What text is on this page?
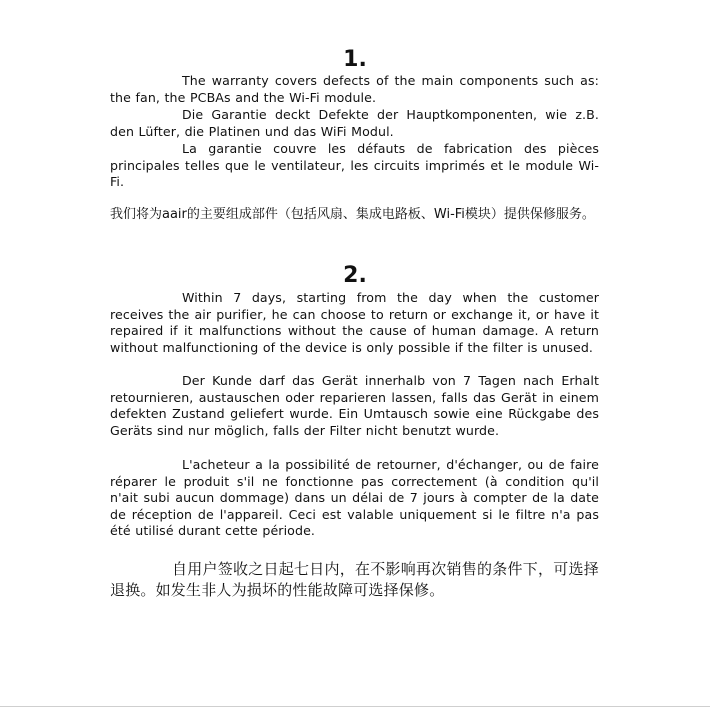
1.
The warranty covers defects of the main components such as: the fan, the PCBAs and the Wi-Fi module.
Die Garantie deckt Defekte der Hauptkomponenten, wie z.B. den Lüfter, die Platinen und das WiFi Modul.
La garantie couvre les défauts de fabrication des pièces principales telles que le ventilateur, les circuits imprimés et le module Wi-Fi.
我们将为aair的主要组成部件（包括风扇、集成电路板、Wi-Fi模块）提供保修服务。
2.
Within 7 days, starting from the day when the customer receives the air purifier, he can choose to return or exchange it, or have it repaired if it malfunctions without the cause of human damage. A return without malfunctioning of the device is only possible if the filter is unused.
Der Kunde darf das Gerät innerhalb von 7 Tagen nach Erhalt retournieren, austauschen oder reparieren lassen, falls das Gerät in einem defekten Zustand geliefert wurde. Ein Umtausch sowie eine Rückgabe des Geräts sind nur möglich, falls der Filter nicht benutzt wurde.
L'acheteur a la possibilité de retourner, d'échanger, ou de faire réparer le produit s'il ne fonctionne pas correctement (à condition qu'il n'ait subi aucun dommage) dans un délai de 7 jours à compter de la date de réception de l'appareil. Ceci est valable uniquement si le filtre n'a pas été utilisé durant cette période.
自用户签收之日起七日内，在不影响再次销售的条件下，可选择退换。如发生非人为损坏的性能故障可选择保修。
